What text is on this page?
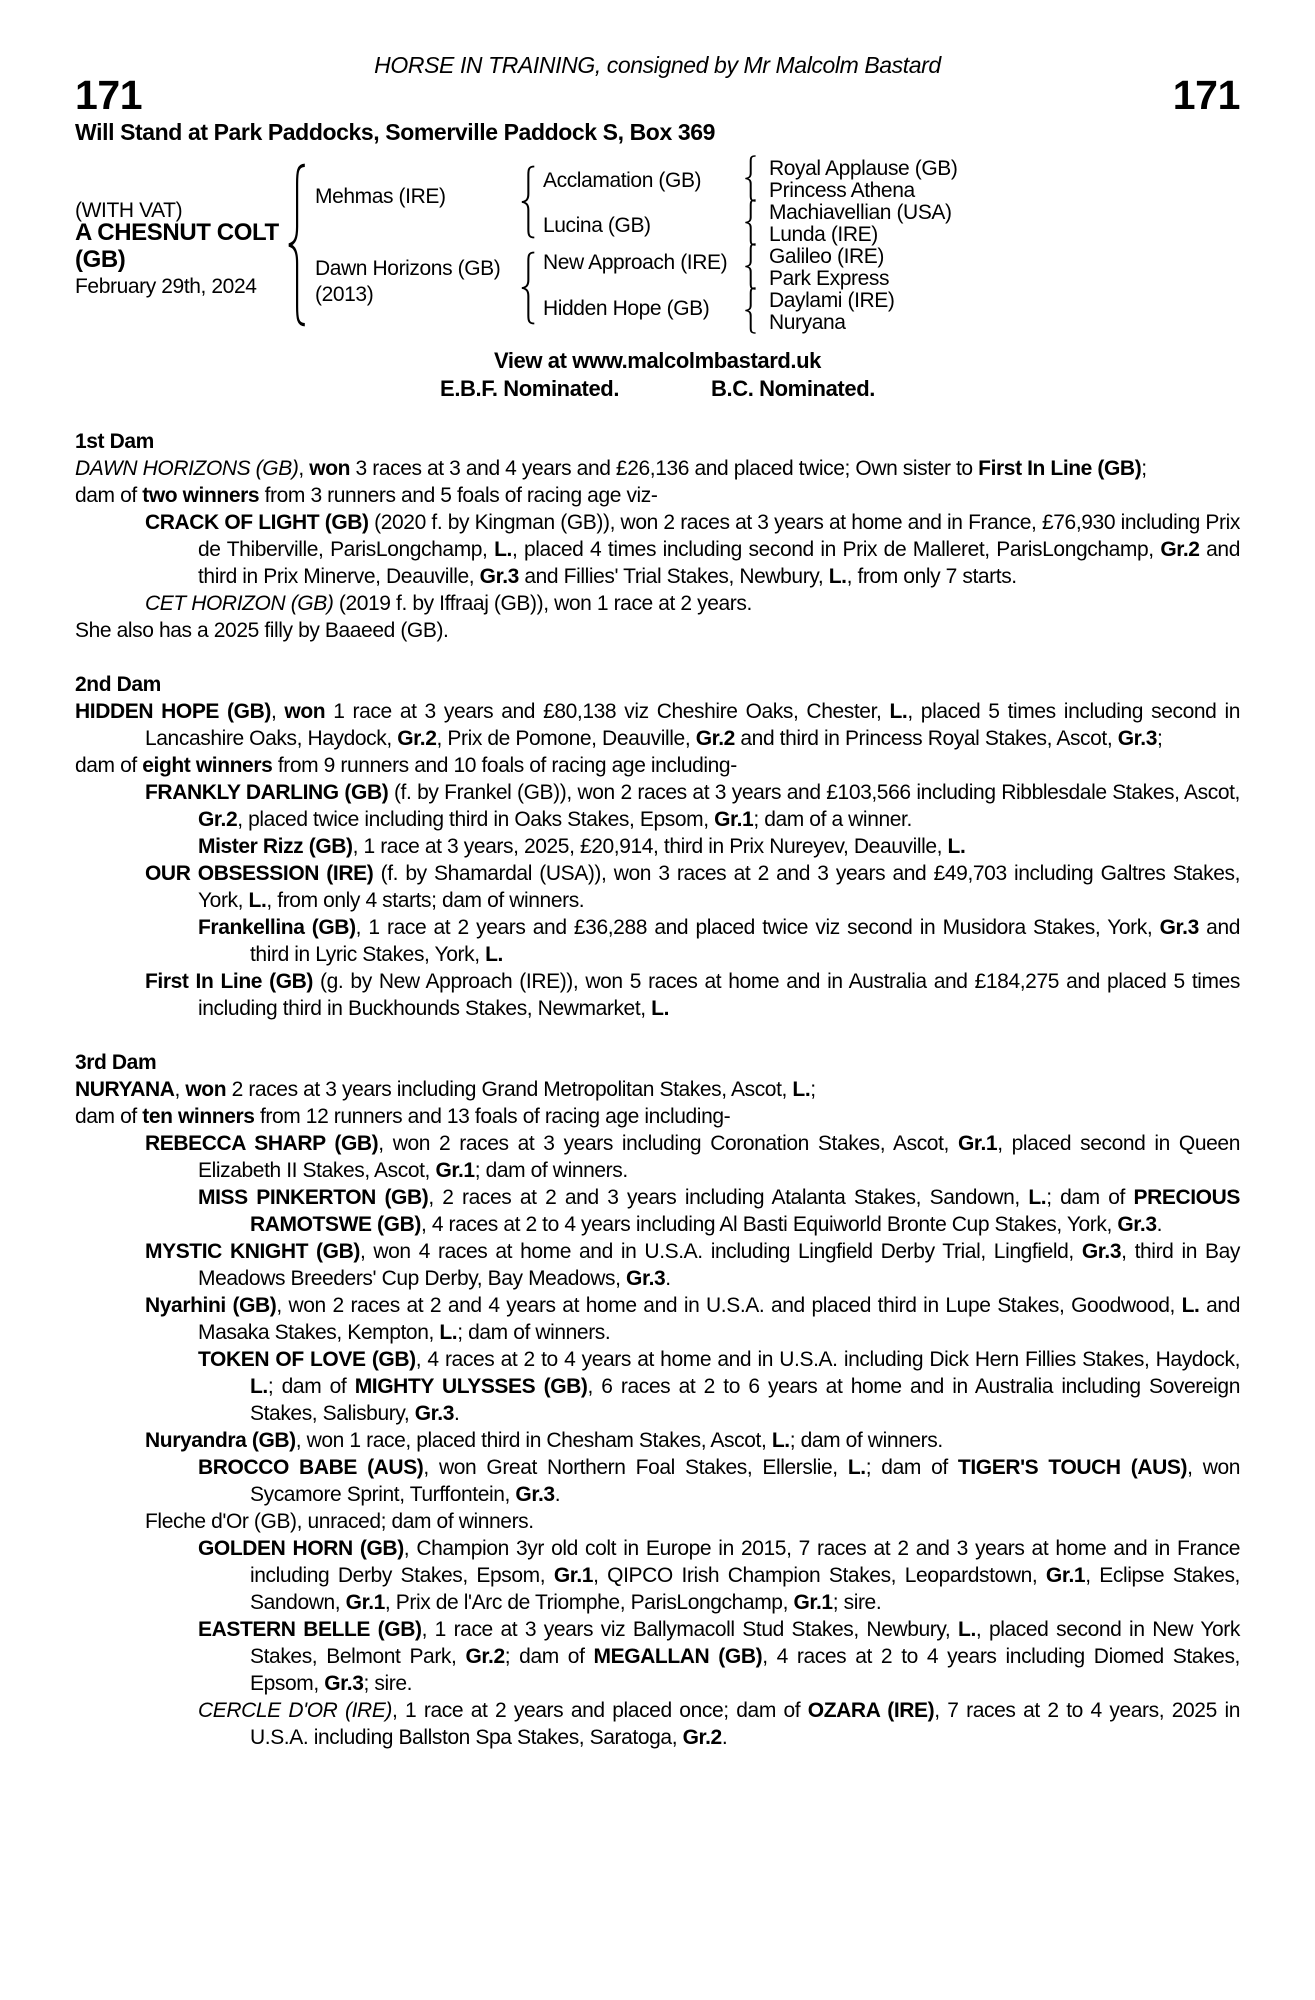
HORSE IN TRAINING, consigned by Mr Malcolm Bastard
171	171
Will Stand at Park Paddocks, Somerville Paddock S, Box 369
(WITH VAT)
A CHESNUT COLT
(GB)
February 29th, 2024
Mehmas (IRE)
Dawn Horizons (GB)
(2013)
Acclamation (GB)
Lucina (GB)
New Approach (IRE)
Hidden Hope (GB)
Royal Applause (GB)
Princess Athena
Machiavellian (USA)
Lunda (IRE)
Galileo (IRE)
Park Express
Daylami (IRE)
Nuryana
View at www.malcolmbastard.uk
E.B.F. Nominated.	B.C. Nominated.
1st Dam
DAWN HORIZONS (GB), won 3 races at 3 and 4 years and £26,136 and placed twice; Own sister to First In Line (GB);
dam of two winners from 3 runners and 5 foals of racing age viz-
CRACK OF LIGHT (GB) (2020 f. by Kingman (GB)), won 2 races at 3 years at home and in France, £76,930 including Prix de Thiberville, ParisLongchamp, L., placed 4 times including second in Prix de Malleret, ParisLongchamp, Gr.2 and third in Prix Minerve, Deauville, Gr.3 and Fillies' Trial Stakes, Newbury, L., from only 7 starts.
CET HORIZON (GB) (2019 f. by Iffraaj (GB)), won 1 race at 2 years.
She also has a 2025 filly by Baaeed (GB).
2nd Dam
HIDDEN HOPE (GB), won 1 race at 3 years and £80,138 viz Cheshire Oaks, Chester, L., placed 5 times including second in Lancashire Oaks, Haydock, Gr.2, Prix de Pomone, Deauville, Gr.2 and third in Princess Royal Stakes, Ascot, Gr.3;
dam of eight winners from 9 runners and 10 foals of racing age including-
FRANKLY DARLING (GB) (f. by Frankel (GB)), won 2 races at 3 years and £103,566 including Ribblesdale Stakes, Ascot, Gr.2, placed twice including third in Oaks Stakes, Epsom, Gr.1; dam of a winner.
Mister Rizz (GB), 1 race at 3 years, 2025, £20,914, third in Prix Nureyev, Deauville, L.
OUR OBSESSION (IRE) (f. by Shamardal (USA)), won 3 races at 2 and 3 years and £49,703 including Galtres Stakes, York, L., from only 4 starts; dam of winners.
Frankellina (GB), 1 race at 2 years and £36,288 and placed twice viz second in Musidora Stakes, York, Gr.3 and third in Lyric Stakes, York, L.
First In Line (GB) (g. by New Approach (IRE)), won 5 races at home and in Australia and £184,275 and placed 5 times including third in Buckhounds Stakes, Newmarket, L.
3rd Dam
NURYANA, won 2 races at 3 years including Grand Metropolitan Stakes, Ascot, L.;
dam of ten winners from 12 runners and 13 foals of racing age including-
REBECCA SHARP (GB), won 2 races at 3 years including Coronation Stakes, Ascot, Gr.1, placed second in Queen Elizabeth II Stakes, Ascot, Gr.1; dam of winners.
MISS PINKERTON (GB), 2 races at 2 and 3 years including Atalanta Stakes, Sandown, L.; dam of PRECIOUS RAMOTSWE (GB), 4 races at 2 to 4 years including Al Basti Equiworld Bronte Cup Stakes, York, Gr.3.
MYSTIC KNIGHT (GB), won 4 races at home and in U.S.A. including Lingfield Derby Trial, Lingfield, Gr.3, third in Bay Meadows Breeders' Cup Derby, Bay Meadows, Gr.3.
Nyarhini (GB), won 2 races at 2 and 4 years at home and in U.S.A. and placed third in Lupe Stakes, Goodwood, L. and Masaka Stakes, Kempton, L.; dam of winners.
TOKEN OF LOVE (GB), 4 races at 2 to 4 years at home and in U.S.A. including Dick Hern Fillies Stakes, Haydock, L.; dam of MIGHTY ULYSSES (GB), 6 races at 2 to 6 years at home and in Australia including Sovereign Stakes, Salisbury, Gr.3.
Nuryandra (GB), won 1 race, placed third in Chesham Stakes, Ascot, L.; dam of winners.
BROCCO BABE (AUS), won Great Northern Foal Stakes, Ellerslie, L.; dam of TIGER'S TOUCH (AUS), won Sycamore Sprint, Turffontein, Gr.3.
Fleche d'Or (GB), unraced; dam of winners.
GOLDEN HORN (GB), Champion 3yr old colt in Europe in 2015, 7 races at 2 and 3 years at home and in France including Derby Stakes, Epsom, Gr.1, QIPCO Irish Champion Stakes, Leopardstown, Gr.1, Eclipse Stakes, Sandown, Gr.1, Prix de l'Arc de Triomphe, ParisLongchamp, Gr.1; sire.
EASTERN BELLE (GB), 1 race at 3 years viz Ballymacoll Stud Stakes, Newbury, L., placed second in New York Stakes, Belmont Park, Gr.2; dam of MEGALLAN (GB), 4 races at 2 to 4 years including Diomed Stakes, Epsom, Gr.3; sire.
CERCLE D'OR (IRE), 1 race at 2 years and placed once; dam of OZARA (IRE), 7 races at 2 to 4 years, 2025 in U.S.A. including Ballston Spa Stakes, Saratoga, Gr.2.
